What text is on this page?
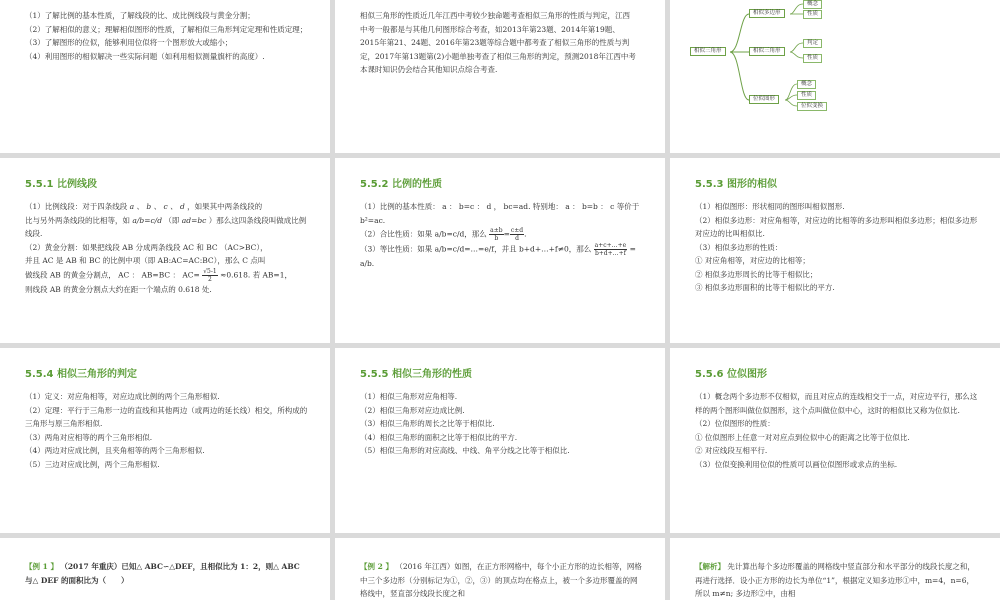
（1）了解比例的基本性质，了解线段的比、成比例线段与黄金分割；

（2）了解相似的意义；理解相似图形的性质，了解相似三角形判定定理和性质定理；

（3）了解图形的位似，能够利用位似将一个图形放大或缩小；

（4）利用图形的相似解决一些实际问题（如利用相似测量旗杆的高度）.

相似三角形的性质近几年江西中考较少独命题考查相似三角形的性质与判定，江西中考一般都是与其他几何图形综合考查，如2013年第23题、2014年第19题、2015年第21、24题、2016年第23题等综合题中都考查了相似三角形的性质与判定，2017年第13题第(2)小题单独考查了相似三角形的判定，预测2018年江西中考本课时知识仍会结合其他知识点综合考查.

相似三角形
相似多边形
相似三角形
位似图形
概念
性质
判定
性质
概念
性质
位似变换
5.5.1 比例线段

（1）比例线段：对于四条线段 a 、 b 、 c 、 d ，如果其中两条线段的

比与另外两条线段的比相等，如 a/b=c/d （即 ad=bc ）那么这四条线段叫做成比例线段.

（2）黄金分割：如果把线段 AB 分成两条线段 AC 和 BC （AC>BC），

并且 AC 是 AB 和 BC 的比例中项（即 AB:AC=AC:BC），那么 C 点叫

做线段 AB 的黄金分割点， AC ： AB=BC ： $AC= \frac{√5-1}{2} \approx 0.618$. 若 AB=1，

则线段 AB 的黄金分割点大约在距一个端点的 0.618 处.

5.5.2 比例的性质

（1）比例的基本性质： a ： b=c ： d ， bc=ad. 特别地： a ： b=b ： c 等价于 b²=ac.

（2）合比性质：如果 a/b=c/d，那么 $\frac{a\pm b}{b} = \frac{c\pm d}{d}$ .

（3）等比性质：如果 a/b=c/d=…=e/f，并且 b+d+…+f≠0，那么 $\frac{a+c+\dots+e}{b+d+\dots+f} = a/b$.

5.5.3 图形的相似

（1）相似图形：形状相同的图形叫相似图形.

（2）相似多边形：对应角相等，对应边的比相等的多边形叫相似多边形；相似多边形对应边的比叫相似比.

（3）相似多边形的性质：

① 对应角相等，对应边的比相等；

② 相似多边形周长的比等于相似比；

③ 相似多边形面积的比等于相似比的平方.

5.5.4 相似三角形的判定

（1）定义：对应角相等，对应边成比例的两个三角形相似.

（2）定理：平行于三角形一边的直线和其他两边（或两边的延长线）相交，所构成的三角形与原三角形相似.

（3）两角对应相等的两个三角形相似.

（4）两边对应成比例，且夹角相等的两个三角形相似.

（5）三边对应成比例，两个三角形相似.

5.5.5 相似三角形的性质

（1）相似三角形对应角相等.

（2）相似三角形对应边成比例.

（3）相似三角形的周长之比等于相似比.

（4）相似三角形的面积之比等于相似比的平方.

（5）相似三角形的对应高线、中线、角平分线之比等于相似比.

5.5.6 位似图形

（1）概念两个多边形不仅相似，而且对应点的连线相交于一点，对应边平行，那么这样的两个图形叫做位似图形，这个点叫做位似中心，这时的相似比又称为位似比.

（2）位似图形的性质：

① 位似图形上任意一对对应点到位似中心的距离之比等于位似比.

② 对应线段互相平行.

（3）位似变换利用位似的性质可以画位似图形或求点的坐标.

【例 1 】 （2017 年重庆）已知△ ABC∽△DEF，且相似比为 1：2，则△ ABC 与△ DEF 的面积比为（　　）

【例 2 】 （2016 年江西）如图，在正方形网格中，每个小正方形的边长相等，网格中三个多边形（分别标记为①，②，③）的顶点均在格点上，被一个多边形覆盖的网格线中，竖直部分线段长度之和

【解析】 先计算出每个多边形覆盖的网格线中竖直部分和水平部分的线段长度之和，再进行选择．设小正方形的边长为单位“1”，根据定义知多边形①中，m=4，n=6，所以 m≠n; 多边形②中，由相
